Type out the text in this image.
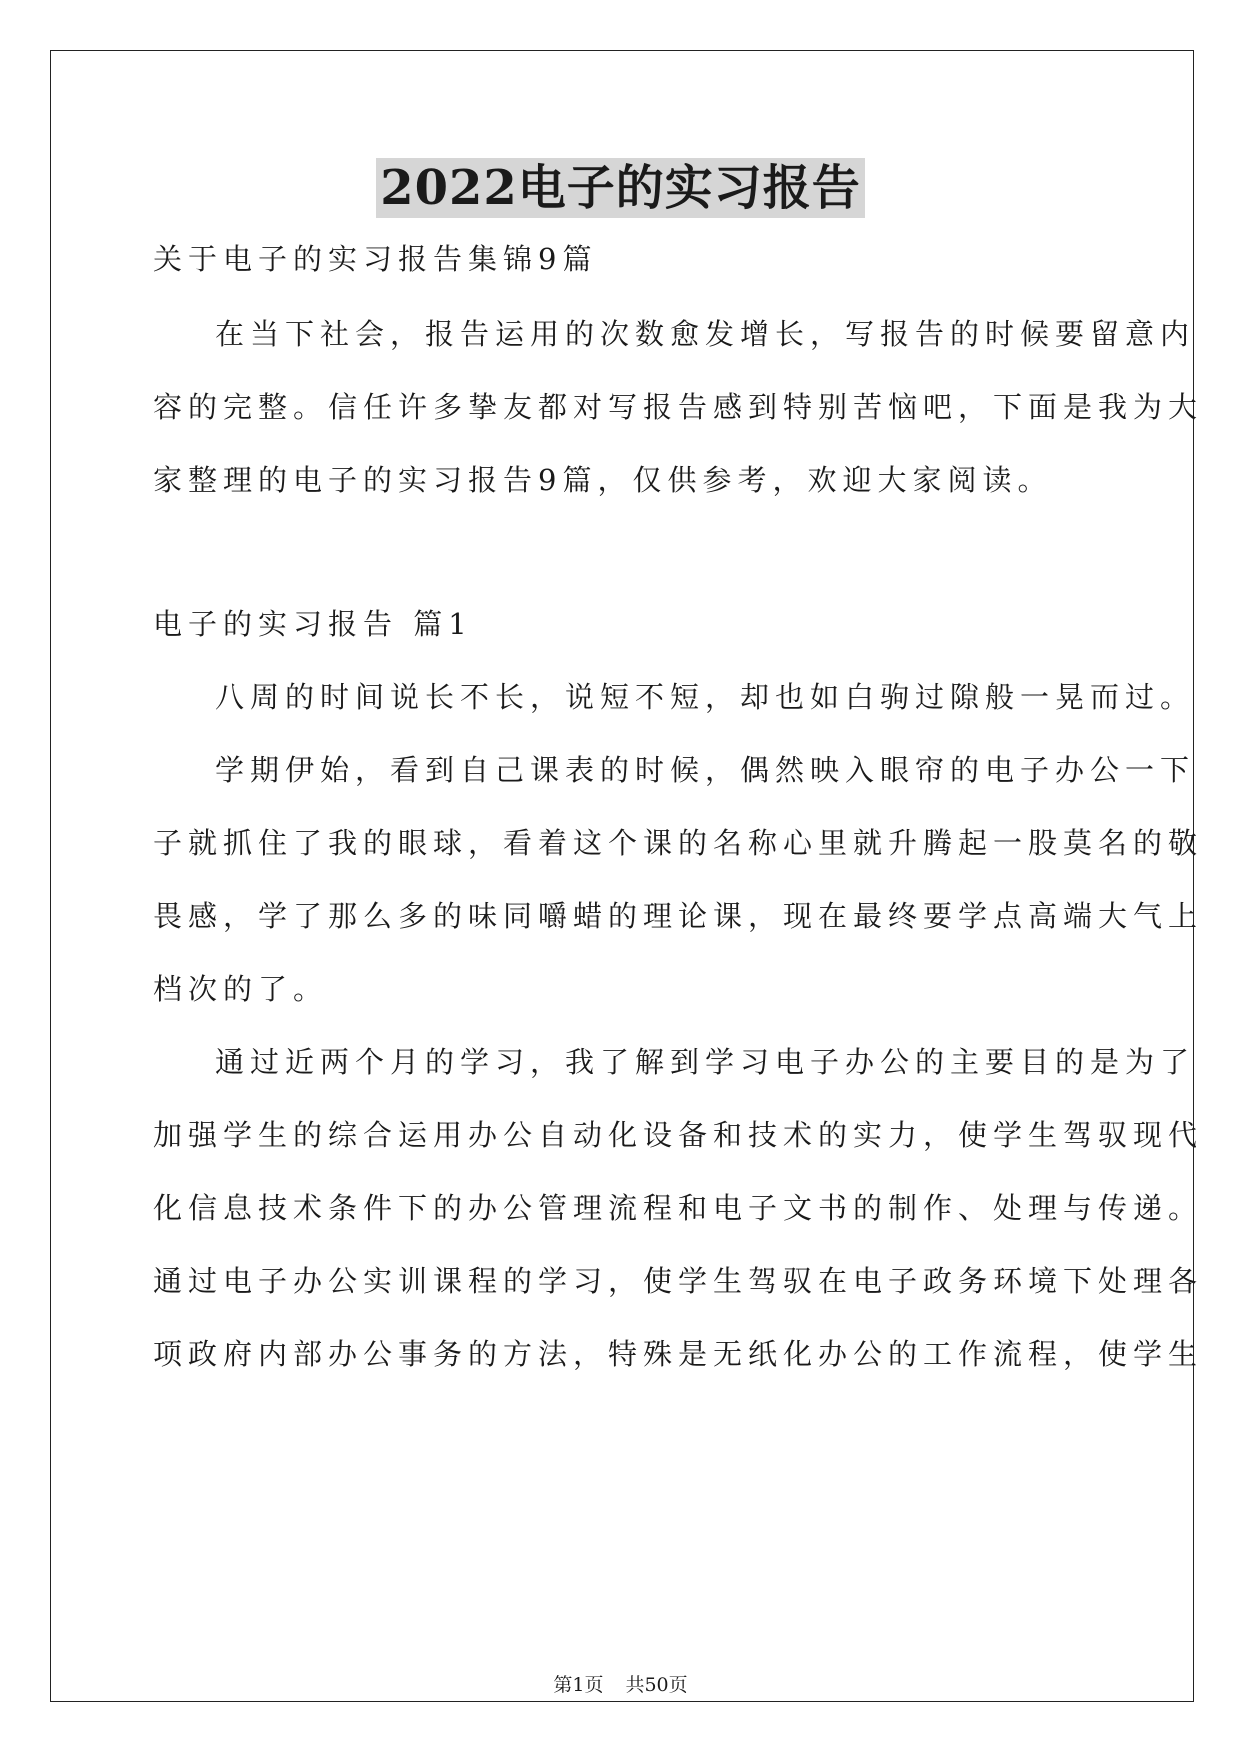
2022电子的实习报告
关于电子的实习报告集锦9篇
在当下社会，报告运用的次数愈发增长，写报告的时候要留意内
容的完整。信任许多挚友都对写报告感到特别苦恼吧，下面是我为大
家整理的电子的实习报告9篇，仅供参考，欢迎大家阅读。
电子的实习报告 篇1
八周的时间说长不长，说短不短，却也如白驹过隙般一晃而过。
学期伊始，看到自己课表的时候，偶然映入眼帘的电子办公一下
子就抓住了我的眼球，看着这个课的名称心里就升腾起一股莫名的敬
畏感，学了那么多的味同嚼蜡的理论课，现在最终要学点高端大气上
档次的了。
通过近两个月的学习，我了解到学习电子办公的主要目的是为了
加强学生的综合运用办公自动化设备和技术的实力，使学生驾驭现代
化信息技术条件下的办公管理流程和电子文书的制作、处理与传递。
通过电子办公实训课程的学习，使学生驾驭在电子政务环境下处理各
项政府内部办公事务的方法，特殊是无纸化办公的工作流程，使学生
第1页 共50页
